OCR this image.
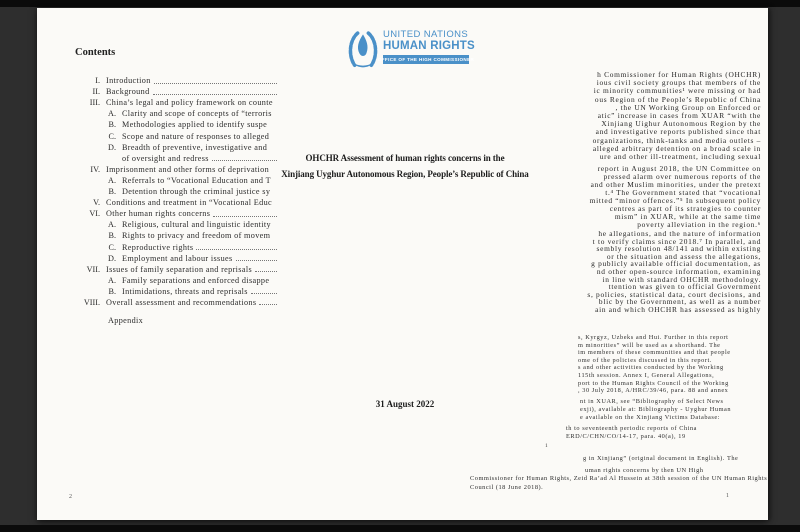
UNITED NATIONS
HUMAN RIGHTS
OFFICE OF THE HIGH COMMISSIONER
Contents
I. Introduction
II. Background
III. China’s legal and policy framework on counte
A. Clarity and scope of concepts of “terroris
B. Methodologies applied to identify suspe
C. Scope and nature of responses to alleged
D. Breadth of preventive, investigative and
of oversight and redress
IV. Imprisonment and other forms of deprivation
A. Referrals to “Vocational Education and T
B. Detention through the criminal justice sy
V. Conditions and treatment in “Vocational Educ
VI. Other human rights concerns
A. Religious, cultural and linguistic identity
B. Rights to privacy and freedom of movem
C. Reproductive rights
D. Employment and labour issues
VII. Issues of family separation and reprisals
A. Family separations and enforced disappe
B. Intimidations, threats and reprisals
VIII. Overall assessment and recommendations
Appendix
2
OHCHR Assessment of human rights concerns in the
Xinjiang Uyghur Autonomous Region, People’s Republic of China
31 August 2022
1
h Commissioner for Human Rights (OHCHR)
ious civil society groups that members of the
ic minority communities¹ were missing or had
ous Region of the People’s Republic of China
, the UN Working Group on Enforced or
atic” increase in cases from XUAR “with the
Xinjiang Uighur Autonomous Region by the
and investigative reports published since that
organizations, think-tanks and media outlets –
alleged arbitrary detention on a broad scale in
ure and other ill-treatment, including sexual
report in August 2018, the UN Committee on
pressed alarm over numerous reports of the
and other Muslim minorities, under the pretext
t.⁴ The Government stated that “vocational
mitted “minor offences.”⁵ In subsequent policy
centres as part of its strategies to counter
mism” in XUAR, while at the same time
poverty alleviation in the region.⁶
he allegations, and the nature of information
t to verify claims since 2018.⁷ In parallel, and
sembly resolution 48/141 and within existing
or the situation and assess the allegations,
g publicly available official documentation, as
nd other open-source information, examining
in line with standard OHCHR methodology.
ttention was given to official Government
s, policies, statistical data, court decisions, and
blic by the Government, as well as a number
ain and which OHCHR has assessed as highly
s, Kyrgyz, Uzbeks and Hui. Further in this report
m minorities” will be used as a shorthand. The
im members of these communities and that people
ome of the policies discussed in this report.
s and other activities conducted by the Working
115th session. Annex I, General Allegations,
port to the Human Rights Council of the Working
, 30 July 2018, A/HRC/39/46, para. 88 and annex
nt in XUAR, see “Bibliography of Select News
exji), available at: Bibliography - Uyghur Human
e available on the Xinjiang Victims Database:
th to seventeenth periodic reports of China
ERD/C/CHN/CO/14-17, para. 40(a), 19
g in Xinjiang” (original document in English). The
uman rights concerns by then UN High
Commissioner for Human Rights, Zeid Ra’ad Al Hussein at 38th session of the UN Human Rights
Council (18 June 2018).
1
